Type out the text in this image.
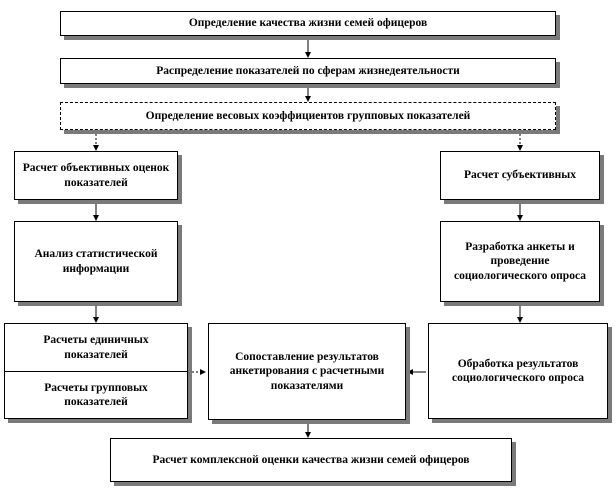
Определение качества жизни семей офицеров
Распределение показателей по сферам жизнедеятельности
Определение весовых коэффициентов групповых показателей
Расчет объективных оценок показателей
Расчет субъективных
Анализ статистической информации
Разработка анкеты и проведение социологического опроса
Расчеты единичных показателей
Расчеты групповых показателей
Сопоставление результатов анкетирования с расчетными показателями
Обработка результатов социологического опроса
Расчет комплексной оценки качества жизни семей офицеров
